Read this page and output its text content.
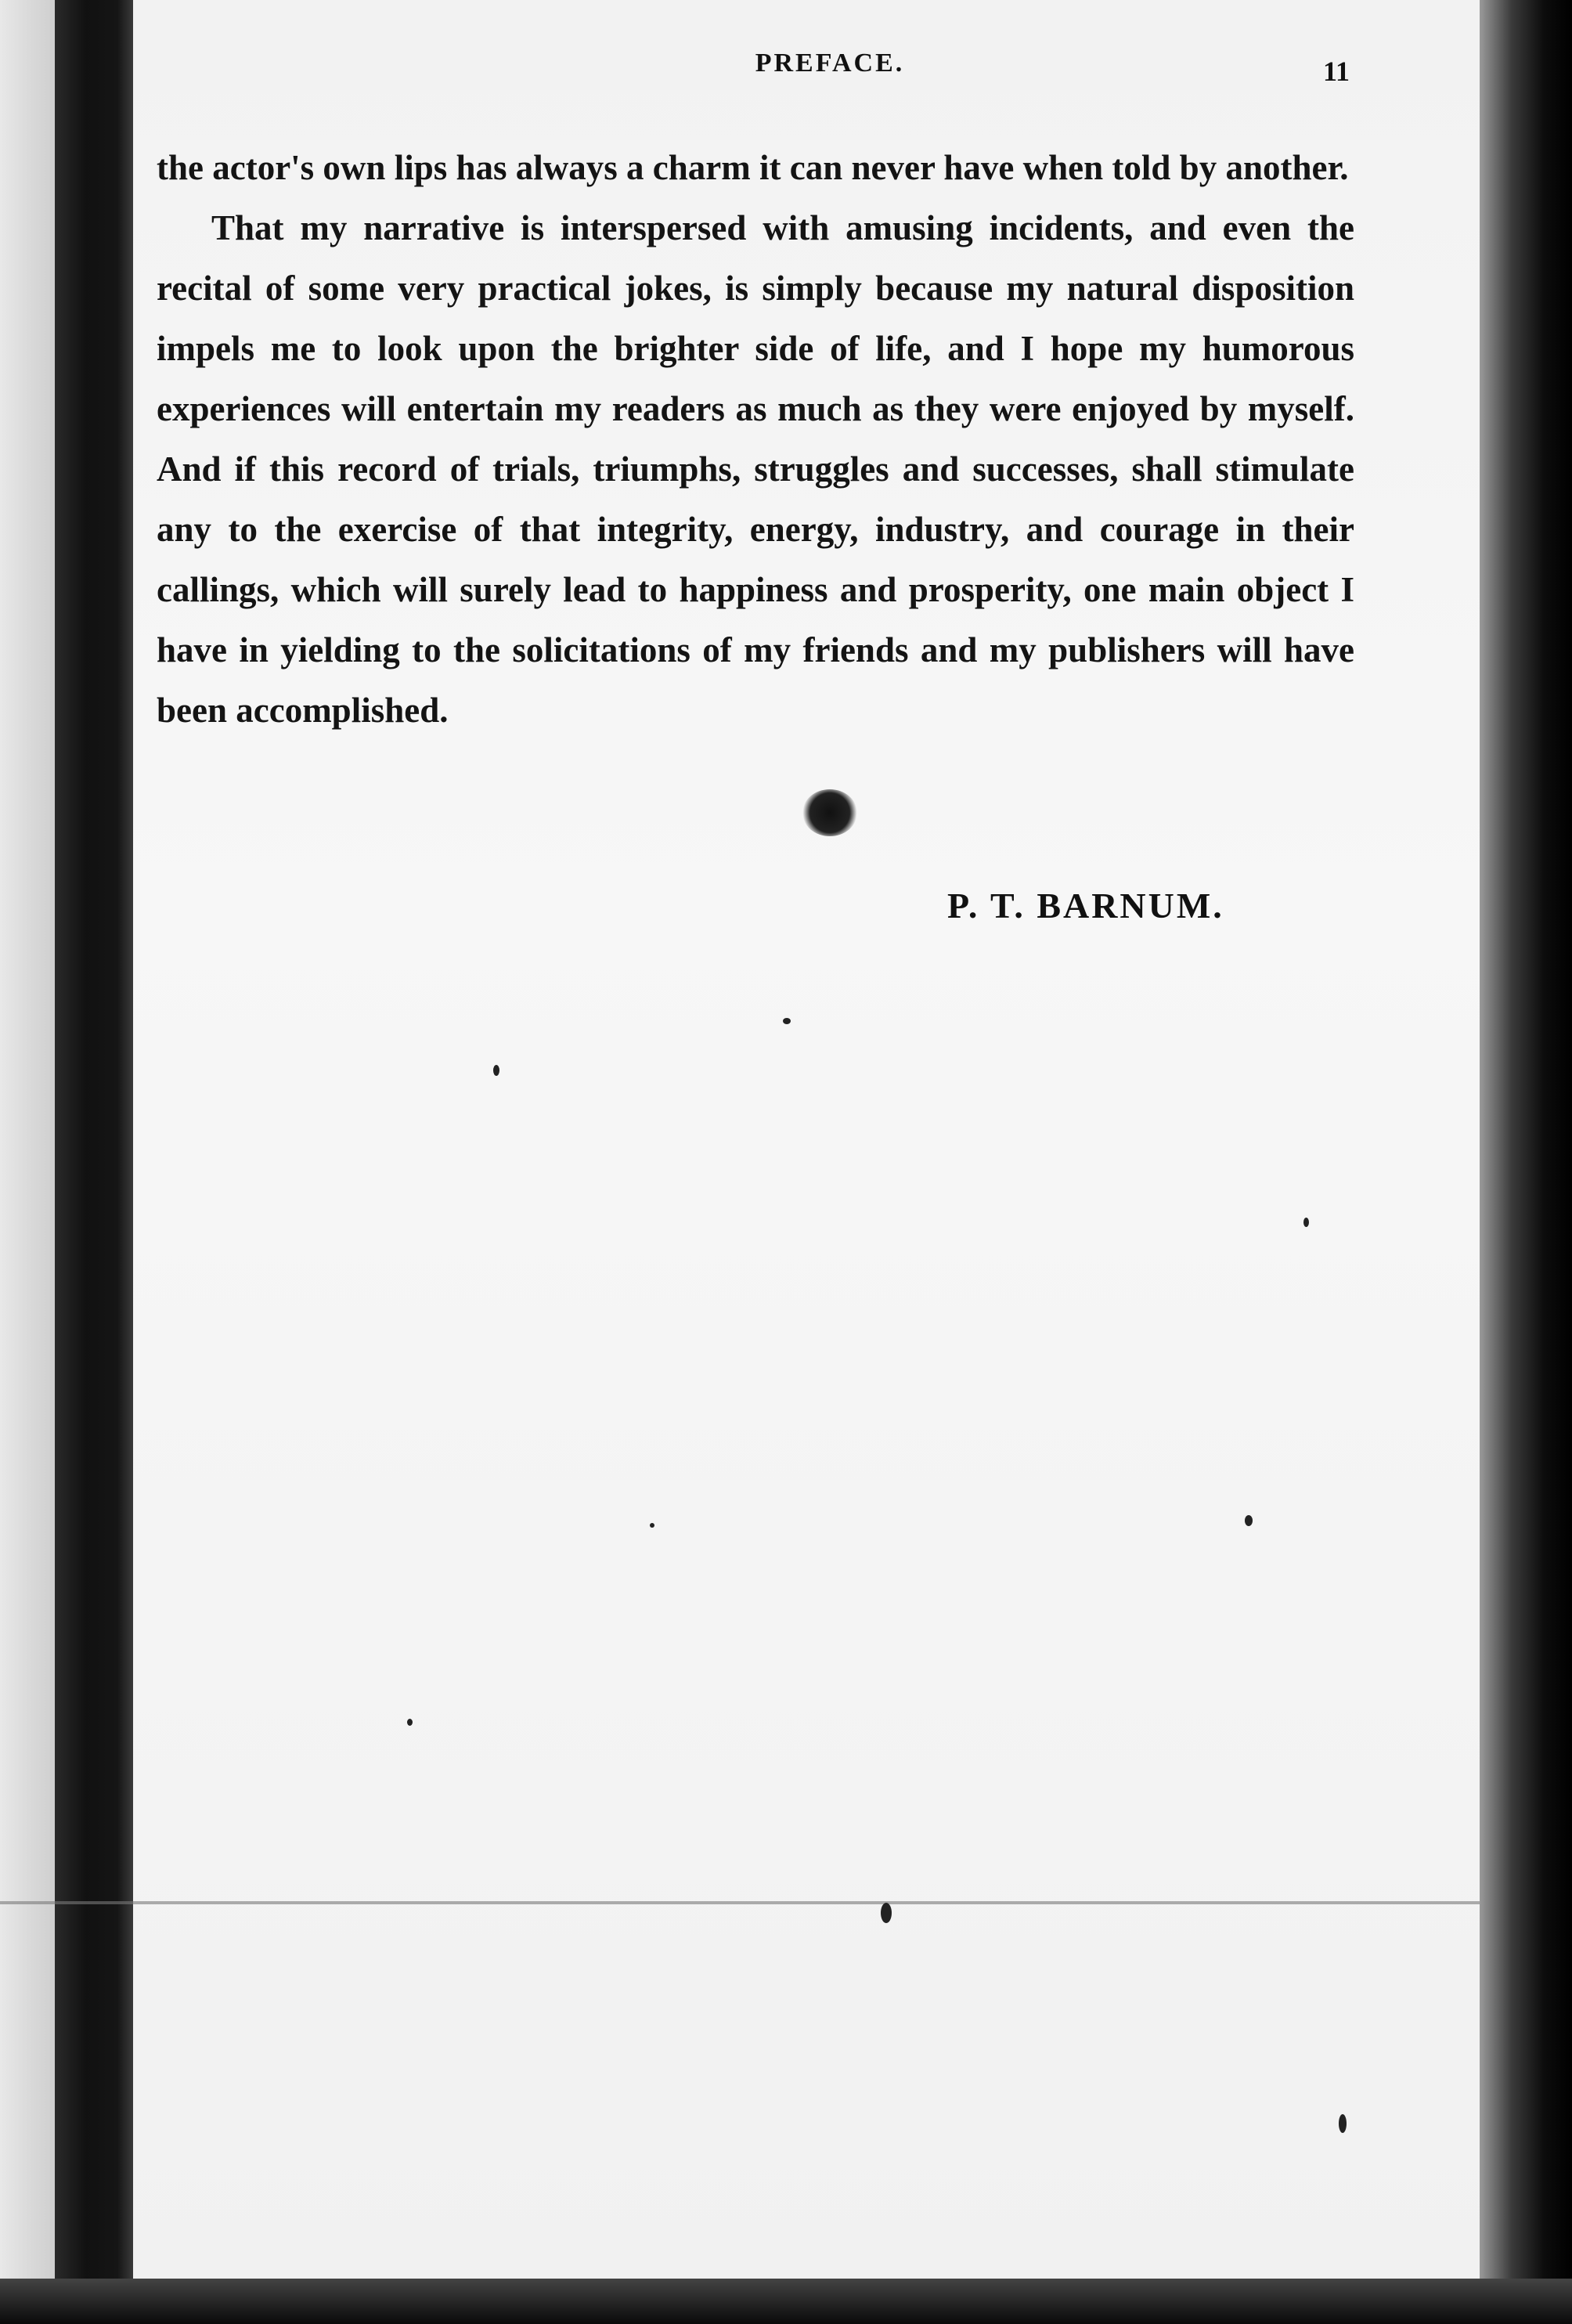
PREFACE.	11

the actor's own lips has always a charm it can never have when told by another.

That my narrative is interspersed with amusing incidents, and even the recital of some very practical jokes, is simply because my natural disposition impels me to look upon the brighter side of life, and I hope my humorous experiences will entertain my readers as much as they were enjoyed by myself. And if this record of trials, triumphs, struggles and successes, shall stimulate any to the exercise of that integrity, energy, industry, and courage in their callings, which will surely lead to happiness and prosperity, one main object I have in yielding to the solicitations of my friends and my publishers will have been accomplished.

P. T. BARNUM.
